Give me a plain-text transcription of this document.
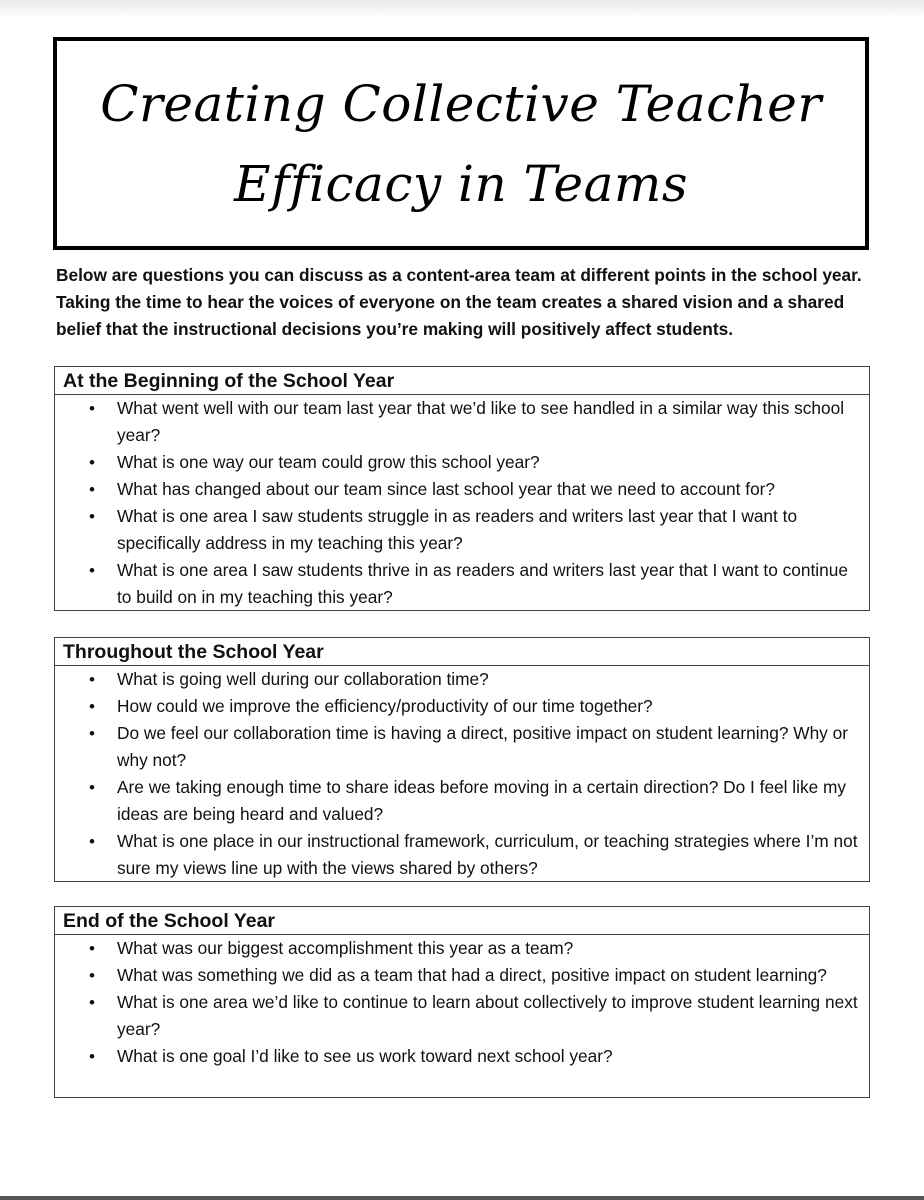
Creating Collective Teacher
Efficacy in Teams
Below are questions you can discuss as a content-area team at different points in the school year. Taking the time to hear the voices of everyone on the team creates a shared vision and a shared belief that the instructional decisions you’re making will positively affect students.
At the Beginning of the School Year
• What went well with our team last year that we’d like to see handled in a similar way this school year?
• What is one way our team could grow this school year?
• What has changed about our team since last school year that we need to account for?
• What is one area I saw students struggle in as readers and writers last year that I want to specifically address in my teaching this year?
• What is one area I saw students thrive in as readers and writers last year that I want to continue to build on in my teaching this year?
Throughout the School Year
• What is going well during our collaboration time?
• How could we improve the efficiency/productivity of our time together?
• Do we feel our collaboration time is having a direct, positive impact on student learning? Why or why not?
• Are we taking enough time to share ideas before moving in a certain direction? Do I feel like my ideas are being heard and valued?
• What is one place in our instructional framework, curriculum, or teaching strategies where I’m not sure my views line up with the views shared by others?
End of the School Year
• What was our biggest accomplishment this year as a team?
• What was something we did as a team that had a direct, positive impact on student learning?
• What is one area we’d like to continue to learn about collectively to improve student learning next year?
• What is one goal I’d like to see us work toward next school year?
